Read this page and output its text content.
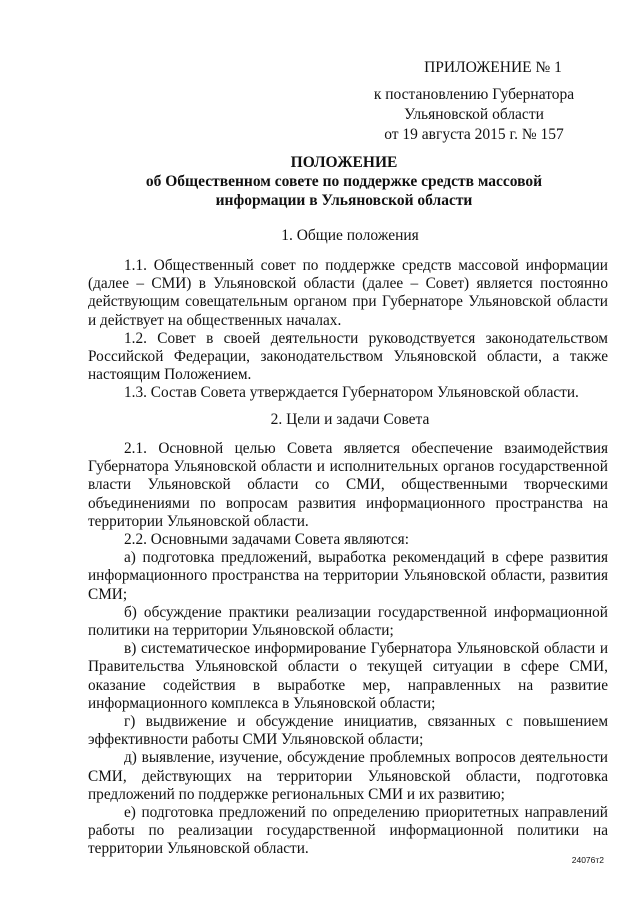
ПРИЛОЖЕНИЕ № 1
к постановлению Губернатора
Ульяновской области
от 19 августа 2015 г. № 157
ПОЛОЖЕНИЕ
об Общественном совете по поддержке средств массовой
информации в Ульяновской области
1. Общие положения

1.1. Общественный совет по поддержке средств массовой информации (далее – СМИ) в Ульяновской области (далее – Совет) является постоянно действующим совещательным органом при Губернаторе Ульяновской области и действует на общественных началах.

1.2. Совет в своей деятельности руководствуется законодательством Российской Федерации, законодательством Ульяновской области, а также настоящим Положением.

1.3. Состав Совета утверждается Губернатором Ульяновской области.

2. Цели и задачи Совета

2.1. Основной целью Совета является обеспечение взаимодействия Губернатора Ульяновской области и исполнительных органов государственной власти Ульяновской области со СМИ, общественными творческими объединениями по вопросам развития информационного пространства на территории Ульяновской области.

2.2. Основными задачами Совета являются:

а) подготовка предложений, выработка рекомендаций в сфере развития информационного пространства на территории Ульяновской области, развития СМИ;

б) обсуждение практики реализации государственной информационной политики на территории Ульяновской области;

в) систематическое информирование Губернатора Ульяновской области и Правительства Ульяновской области о текущей ситуации в сфере СМИ, оказание содействия в выработке мер, направленных на развитие информационного комплекса в Ульяновской области;

г) выдвижение и обсуждение инициатив, связанных с повышением эффективности работы СМИ Ульяновской области;

д) выявление, изучение, обсуждение проблемных вопросов деятельности СМИ, действующих на территории Ульяновской области, подготовка предложений по поддержке региональных СМИ и их развитию;

е) подготовка предложений по определению приоритетных направлений работы по реализации государственной информационной политики на территории Ульяновской области.

24076т2
